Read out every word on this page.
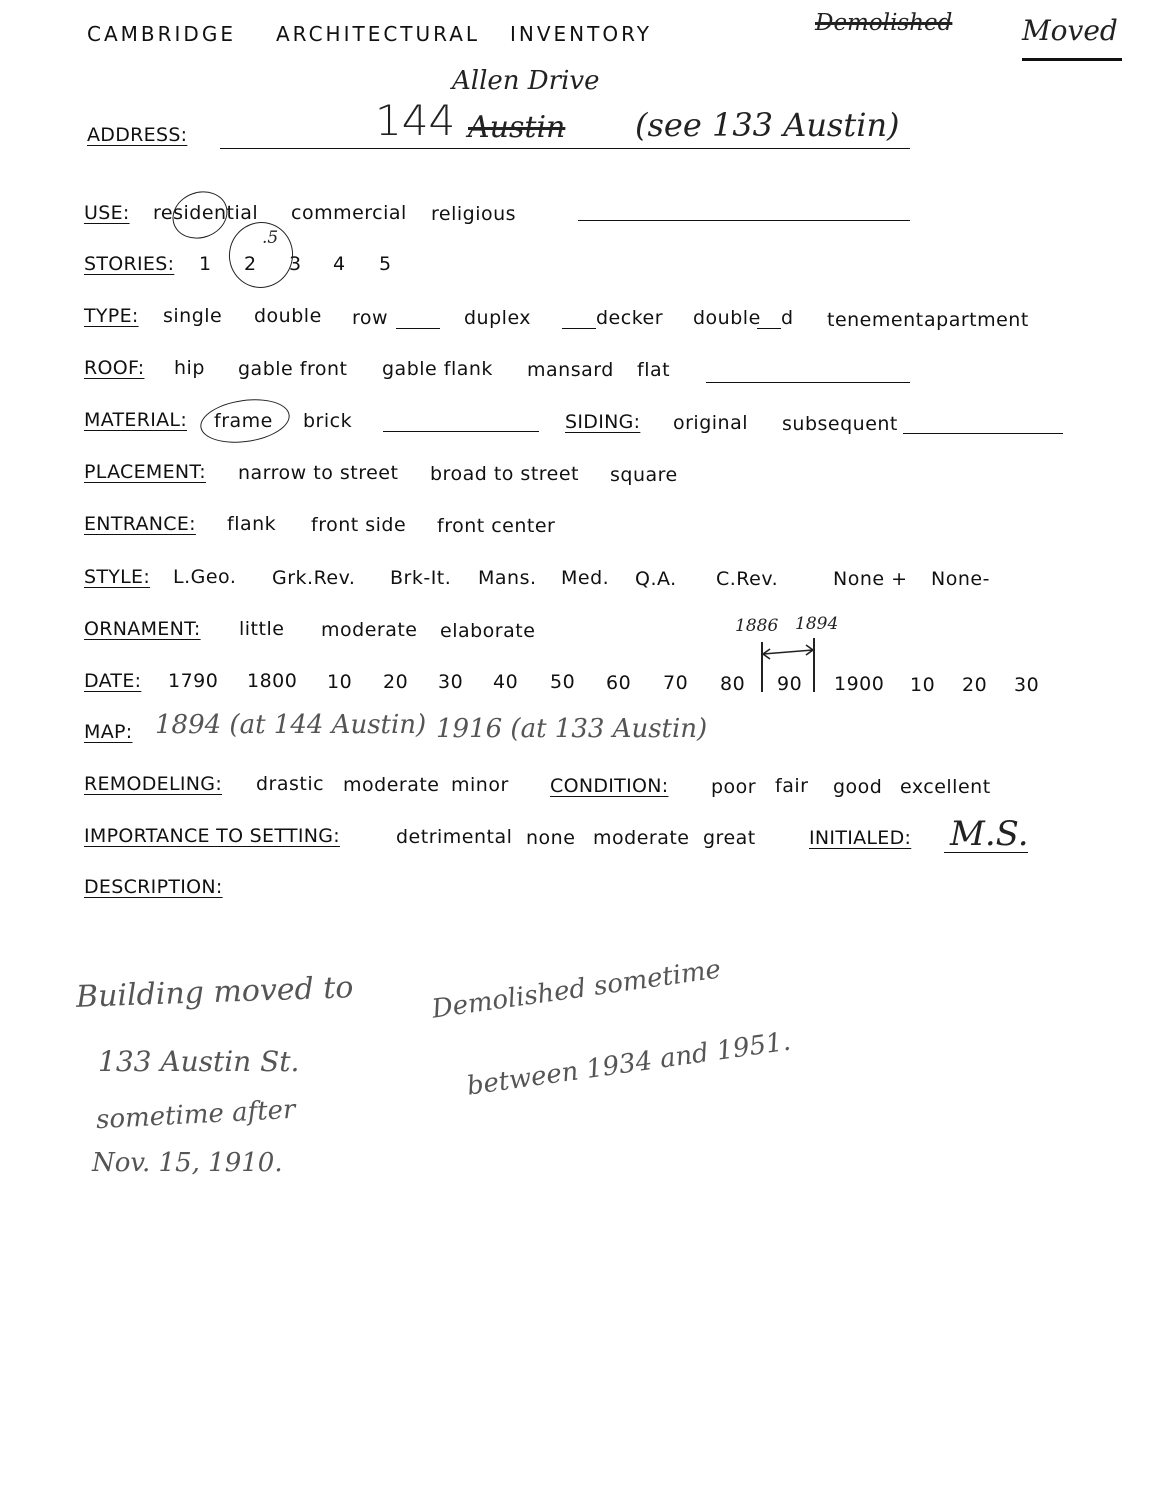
CAMBRIDGE ARCHITECTURAL INVENTORY	Demolished Moved
ADDRESS:	144 Austin
Allen Drive
(see 133 Austin)
USE: residential commercial religious
STORIES: 1 2 3 4 5
.5
TYPE: single double row	duplex	decker double d tenement apartment
ROOF: hip gable front gable flank mansard flat
MATERIAL: frame brick	SIDING: original subsequent
PLACEMENT: narrow to street broad to street square
ENTRANCE: flank front side front center
STYLE: L.Geo. Grk.Rev. Brk-It. Mans. Med. Q.A. C.Rev.	None + None-
ORNAMENT: little moderate elaborate	1886 1894
DATE: 1790 1800 10 20 30 40 50 60 70 80 90 1900 10 20 30
MAP: 1894 (at 144 Austin) 1916 (at 133 Austin)
REMODELING: drastic moderate minor CONDITION: poor fair good excellent
IMPORTANCE TO SETTING:	detrimental none moderate great	INITIALED: M.S.
DESCRIPTION:
Building moved to
133 Austin St.
sometime after
Nov. 15, 1910.
Demolished sometime
between 1934 and 1951.
